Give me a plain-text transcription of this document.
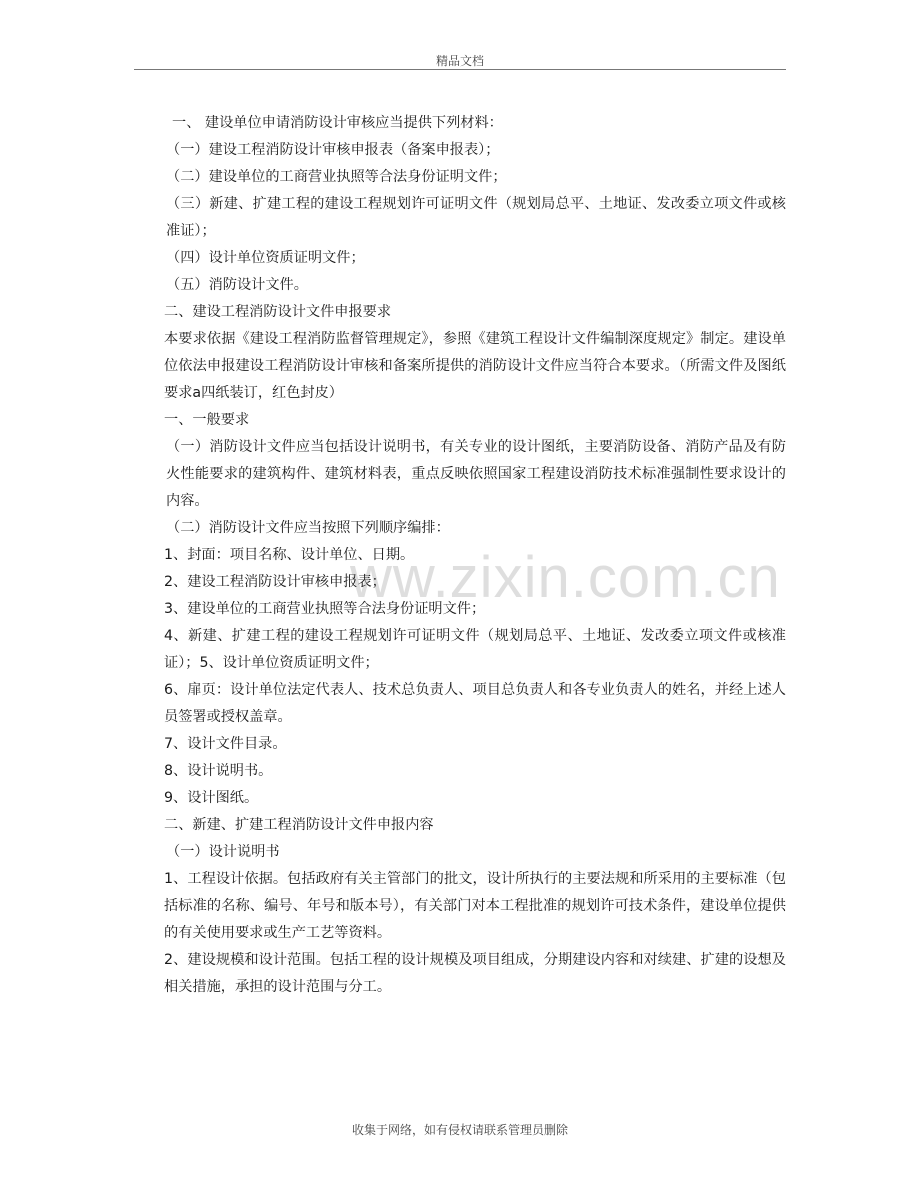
精品文档
ww.zixin.com.cn

一、 建设单位申请消防设计审核应当提供下列材料：

（一）建设工程消防设计审核申报表（备案申报表）；

（二）建设单位的工商营业执照等合法身份证明文件；

（三）新建、扩建工程的建设工程规划许可证明文件（规划局总平、土地证、发改委立项文件或核准证）；

（四）设计单位资质证明文件；

（五）消防设计文件。

二、建设工程消防设计文件申报要求

本要求依据《建设工程消防监督管理规定》，参照《建筑工程设计文件编制深度规定》制定。建设单位依法申报建设工程消防设计审核和备案所提供的消防设计文件应当符合本要求。（所需文件及图纸要求a四纸装订，红色封皮）

一、一般要求

（一）消防设计文件应当包括设计说明书，有关专业的设计图纸，主要消防设备、消防产品及有防火性能要求的建筑构件、建筑材料表，重点反映依照国家工程建设消防技术标准强制性要求设计的内容。

（二）消防设计文件应当按照下列顺序编排：

1、封面：项目名称、设计单位、日期。

2、建设工程消防设计审核申报表；

3、建设单位的工商营业执照等合法身份证明文件；

4、新建、扩建工程的建设工程规划许可证明文件（规划局总平、土地证、发改委立项文件或核准证）；5、设计单位资质证明文件；

6、扉页：设计单位法定代表人、技术总负责人、项目总负责人和各专业负责人的姓名，并经上述人员签署或授权盖章。

7、设计文件目录。

8、设计说明书。

9、设计图纸。

二、新建、扩建工程消防设计文件申报内容

（一）设计说明书

1、工程设计依据。包括政府有关主管部门的批文，设计所执行的主要法规和所采用的主要标准（包括标准的名称、编号、年号和版本号），有关部门对本工程批准的规划许可技术条件，建设单位提供的有关使用要求或生产工艺等资料。

2、建设规模和设计范围。包括工程的设计规模及项目组成，分期建设内容和对续建、扩建的设想及相关措施，承担的设计范围与分工。

收集于网络，如有侵权请联系管理员删除
